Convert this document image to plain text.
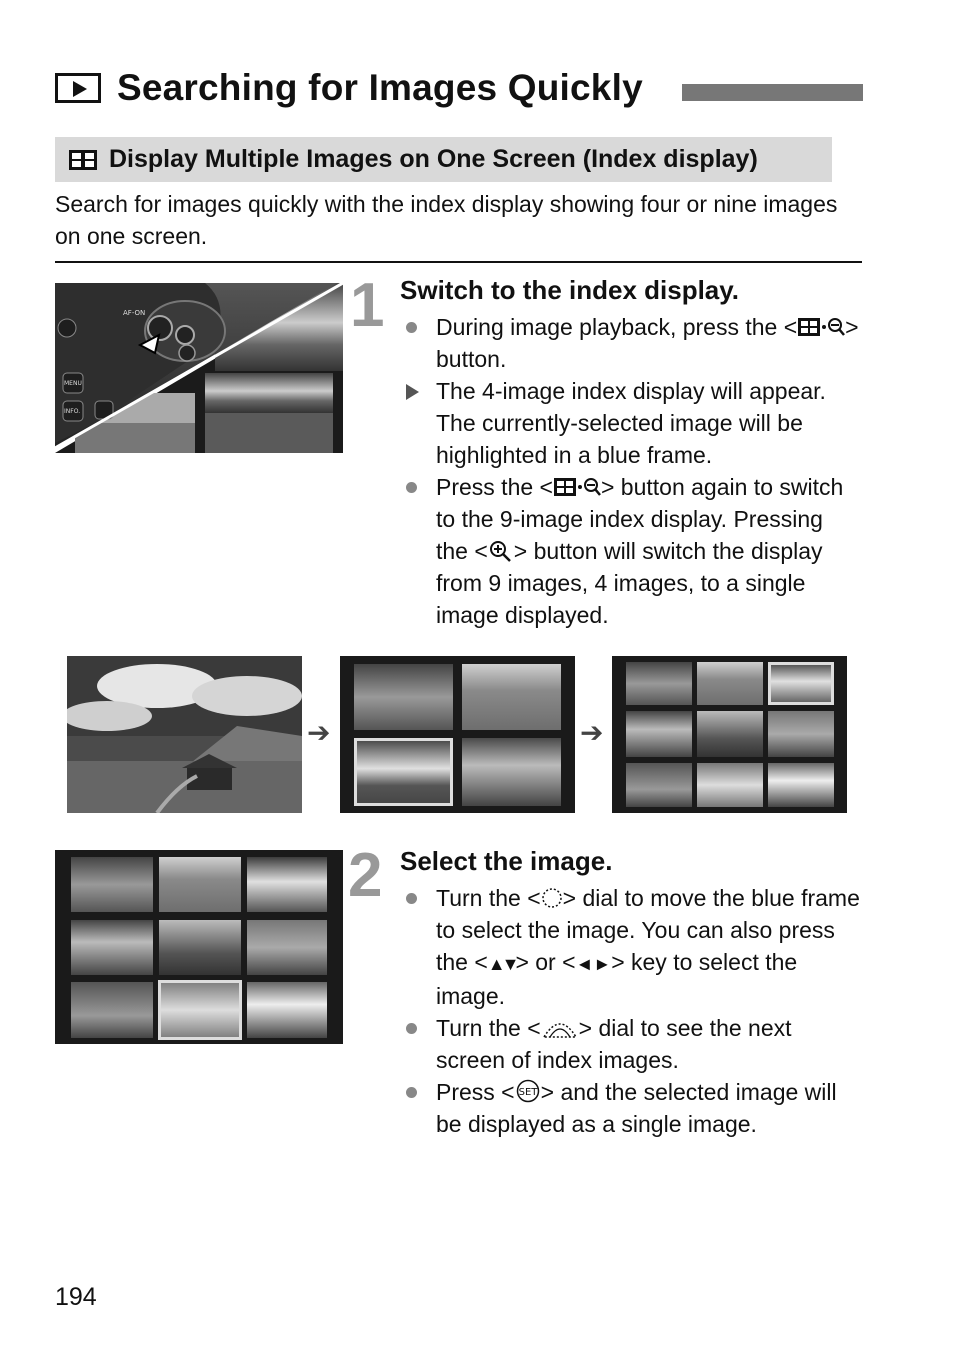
Searching for Images Quickly
Display Multiple Images on One Screen (Index display)
Search for images quickly with the index display showing four or nine images on one screen.
AF-ON
MENU
INFO.
1 Switch to the index display.
During image playback, press the < > button.
The 4-image index display will appear. The currently-selected image will be highlighted in a blue frame.
Press the < > button again to switch to the 9-image index display. Pressing the < > button will switch the display from 9 images, 4 images, to a single image displayed.
➔	➔
2 Select the image.
Turn the < > dial to move the blue frame to select the image. You can also press the <▲▼> or <◄►> key to select the image.
Turn the < > dial to see the next screen of index images.
Press < SET > and the selected image will be displayed as a single image.
194
